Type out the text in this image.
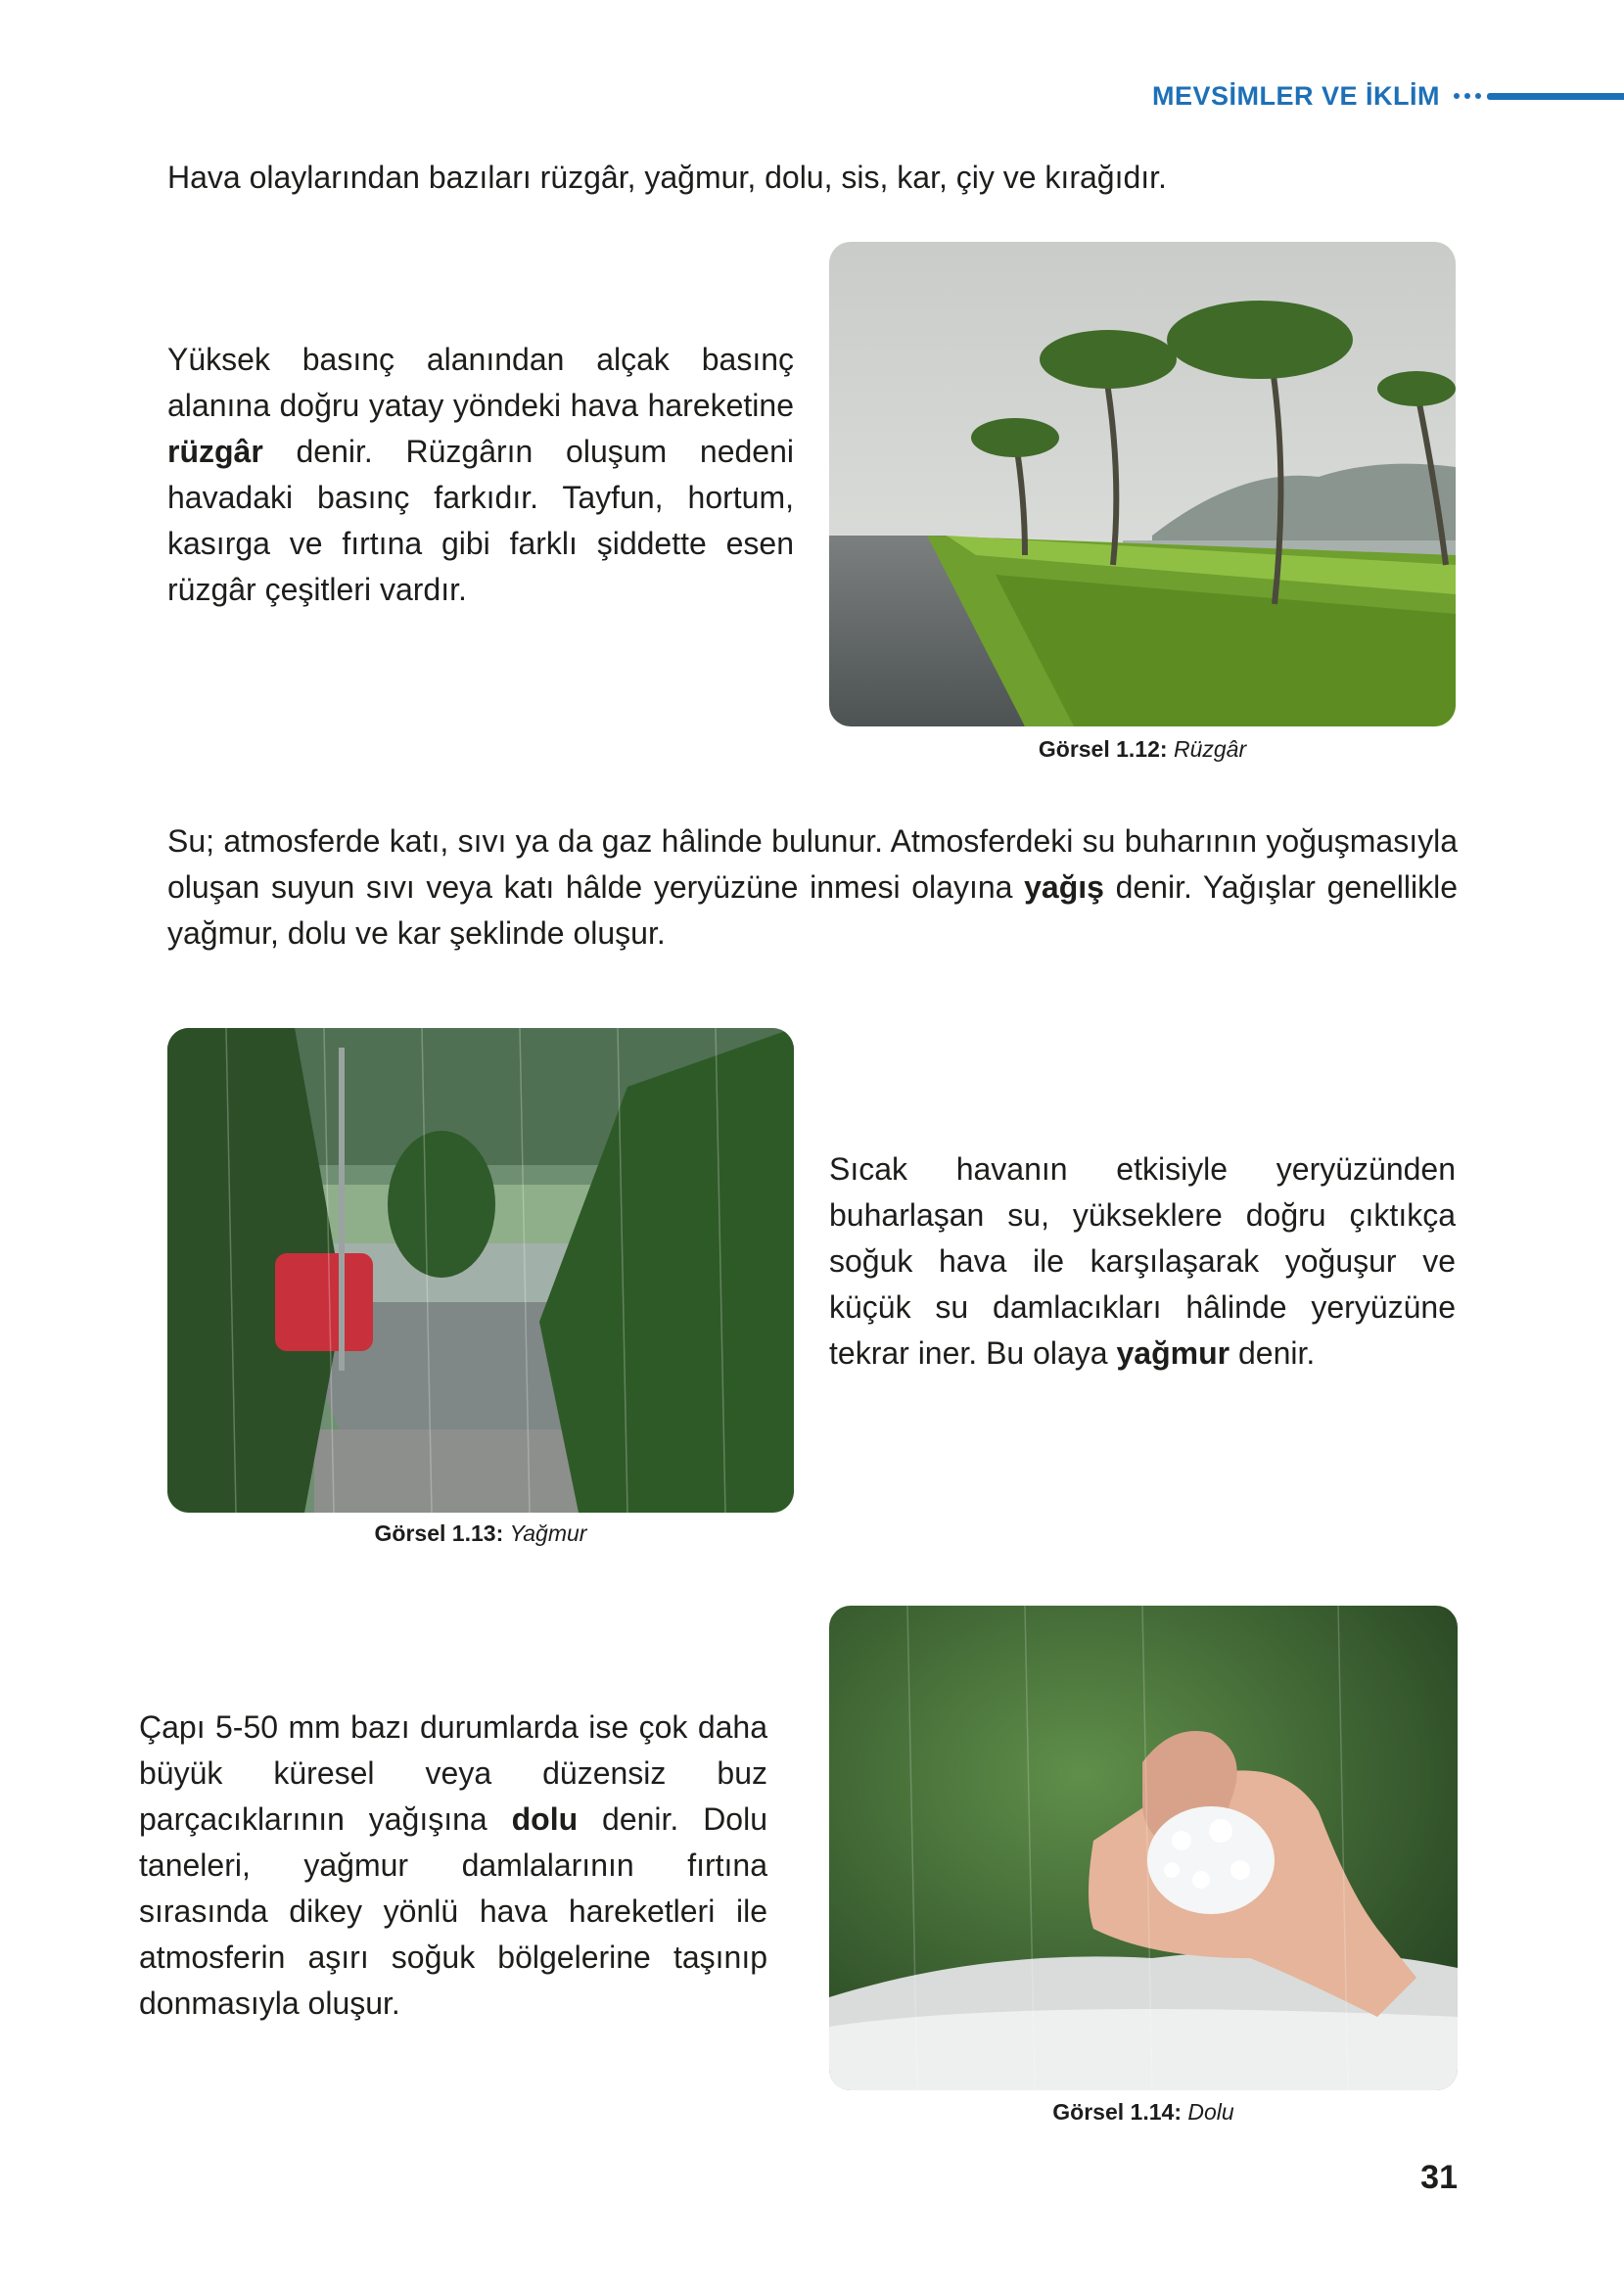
MEVSİMLER VE İKLİM

Hava olaylarından bazıları rüzgâr, yağmur, dolu, sis, kar, çiy ve kırağıdır.

Yüksek basınç alanından alçak basınç alanına doğru yatay yöndeki hava hareketine rüzgâr denir. Rüzgârın oluşum nedeni havadaki basınç farkıdır. Tayfun, hortum, kasırga ve fırtına gibi farklı şiddette esen rüzgâr çeşitleri vardır.

Görsel 1.12: Rüzgâr

Su; atmosferde katı, sıvı ya da gaz hâlinde bulunur. Atmosferdeki su buharının yoğuşmasıyla oluşan suyun sıvı veya katı hâlde yeryüzüne inmesi olayına yağış denir. Yağışlar genellikle yağmur, dolu ve kar şeklinde oluşur.

Görsel 1.13: Yağmur

Sıcak havanın etkisiyle yeryüzünden buharlaşan su, yükseklere doğru çıktıkça soğuk hava ile karşılaşarak yoğuşur ve küçük su damlacıkları hâlinde yeryüzüne tekrar iner. Bu olaya yağmur denir.

Çapı 5-50 mm bazı durumlarda ise çok daha büyük küresel veya düzensiz buz parçacıklarının yağışına dolu denir. Dolu taneleri, yağmur damlalarının fırtına sırasında dikey yönlü hava hareketleri ile atmosferin aşırı soğuk bölgelerine taşınıp donmasıyla oluşur.

Görsel 1.14: Dolu
31
